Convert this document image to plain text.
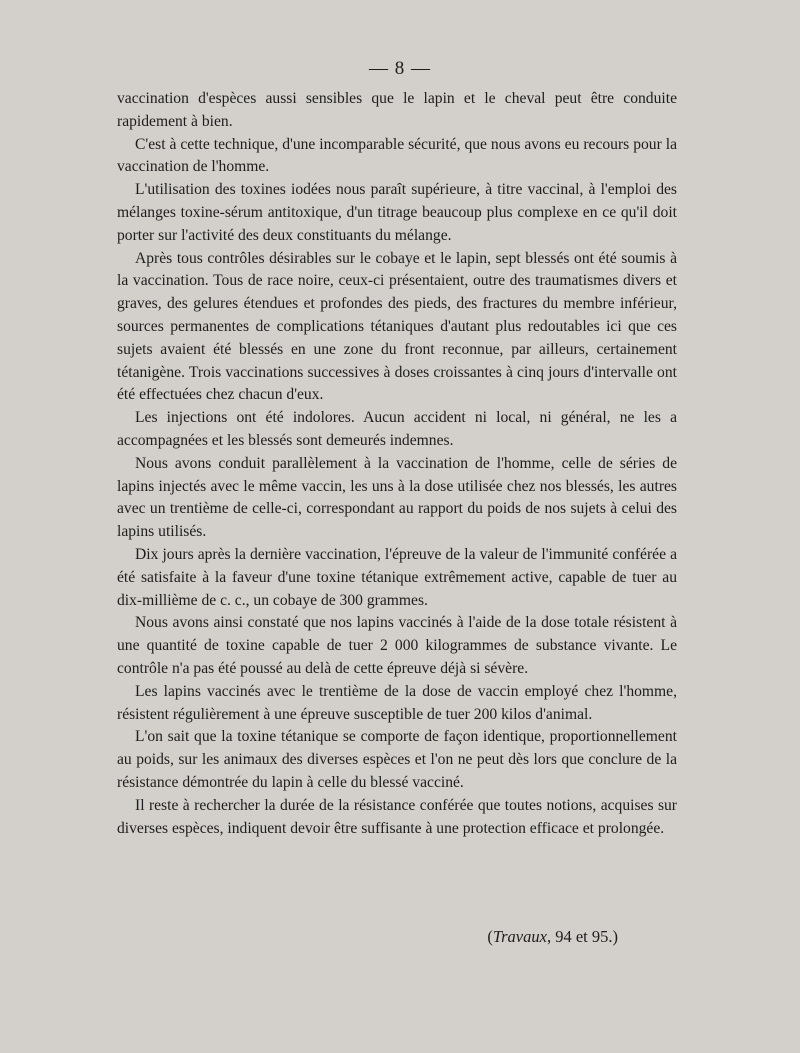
— 8 —

vaccination d'espèces aussi sensibles que le lapin et le cheval peut être conduite rapidement à bien.

C'est à cette technique, d'une incomparable sécurité, que nous avons eu recours pour la vaccination de l'homme.

L'utilisation des toxines iodées nous paraît supérieure, à titre vaccinal, à l'emploi des mélanges toxine-sérum antitoxique, d'un titrage beaucoup plus complexe en ce qu'il doit porter sur l'activité des deux constituants du mélange.

Après tous contrôles désirables sur le cobaye et le lapin, sept blessés ont été soumis à la vaccination. Tous de race noire, ceux-ci présentaient, outre des traumatismes divers et graves, des gelures étendues et profondes des pieds, des fractures du membre inférieur, sources permanentes de complications tétaniques d'autant plus redoutables ici que ces sujets avaient été blessés en une zone du front reconnue, par ailleurs, certainement tétanigène. Trois vaccinations successives à doses croissantes à cinq jours d'intervalle ont été effectuées chez chacun d'eux.

Les injections ont été indolores. Aucun accident ni local, ni général, ne les a accompagnées et les blessés sont demeurés indemnes.

Nous avons conduit parallèlement à la vaccination de l'homme, celle de séries de lapins injectés avec le même vaccin, les uns à la dose utilisée chez nos blessés, les autres avec un trentième de celle-ci, correspondant au rapport du poids de nos sujets à celui des lapins utilisés.

Dix jours après la dernière vaccination, l'épreuve de la valeur de l'immunité conférée a été satisfaite à la faveur d'une toxine tétanique extrêmement active, capable de tuer au dix-millième de c. c., un cobaye de 300 grammes.

Nous avons ainsi constaté que nos lapins vaccinés à l'aide de la dose totale résistent à une quantité de toxine capable de tuer 2 000 kilogrammes de substance vivante. Le contrôle n'a pas été poussé au delà de cette épreuve déjà si sévère.

Les lapins vaccinés avec le trentième de la dose de vaccin employé chez l'homme, résistent régulièrement à une épreuve susceptible de tuer 200 kilos d'animal.

L'on sait que la toxine tétanique se comporte de façon identique, proportionnellement au poids, sur les animaux des diverses espèces et l'on ne peut dès lors que conclure de la résistance démontrée du lapin à celle du blessé vacciné.

Il reste à rechercher la durée de la résistance conférée que toutes notions, acquises sur diverses espèces, indiquent devoir être suffisante à une protection efficace et prolongée.

(Travaux, 94 et 95.)
